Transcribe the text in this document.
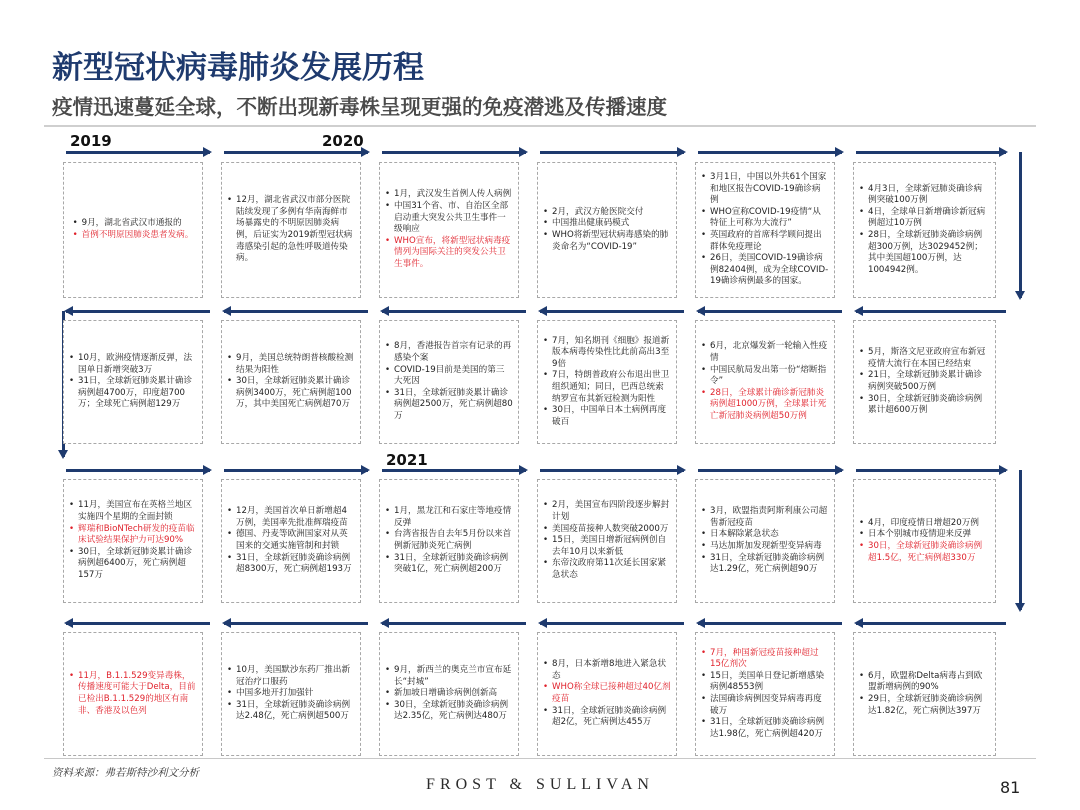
新型冠状病毒肺炎发展历程
疫情迅速蔓延全球，不断出现新毒株呈现更强的免疫潜逃及传播速度
2019	2020
2021
• 9月，湖北省武汉市通报的
• 首例不明原因肺炎患者发病。
• 12月，湖北省武汉市部分医院陆续发现了多例有华南海鲜市场暴露史的不明原因肺炎病例，后证实为2019新型冠状病毒感染引起的急性呼吸道传染病。
• 1月，武汉发生首例人传人病例
• 中国31个省、市、自治区全部启动重大突发公共卫生事件一级响应
• WHO宣布，将新型冠状病毒疫情列为国际关注的突发公共卫生事件。
• 2月，武汉方舱医院交付
• 中国推出健康码模式
• WHO将新型冠状病毒感染的肺炎命名为“COVID-19”
• 3月1日，中国以外共61个国家和地区报告COVID-19确诊病例
• WHO宣称COVID-19疫情“从特征上可称为大流行”
• 英国政府的首席科学顾问提出群体免疫理论
• 26日，美国COVID-19确诊病例82404例，成为全球COVID-19确诊病例最多的国家。
• 4月3日，全球新冠肺炎确诊病例突破100万例
• 4日，全球单日新增确诊新冠病例超过10万例
• 28日，全球新冠肺炎确诊病例超300万例，达3029452例；其中美国超100万例，达1004942例。
• 10月，欧洲疫情逐渐反弹，法国单日新增突破3万
• 31日，全球新冠肺炎累计确诊病例超4700万，印度超700万；全球死亡病例超129万
• 9月，美国总统特朗普核酸检测结果为阳性
• 30日，全球新冠肺炎累计确诊病例3400万，死亡病例超100万，其中美国死亡病例超70万
• 8月，香港报告首宗有记录的再感染个案
• COVID-19目前是美国的第三大死因
• 31日，全球新冠肺炎累计确诊病例超2500万，死亡病例超80万
• 7月，知名期刊《细胞》报道新版本病毒传染性比此前高出3至9倍
• 7日，特朗普政府公布退出世卫组织通知；同日，巴西总统索纳罗宣布其新冠检测为阳性
• 30日，中国单日本土病例再度破百
• 6月，北京爆发新一轮输入性疫情
• 中国民航局发出第一份“熔断指令”
• 28日，全球累计确诊新冠肺炎病例超1000万例，全球累计死亡新冠肺炎病例超50万例
• 5月，斯洛文尼亚政府宣布新冠疫情大流行在本国已经结束
• 21日，全球新冠肺炎累计确诊病例突破500万例
• 30日，全球新冠肺炎确诊病例累计超600万例
• 11月，美国宣布在英格兰地区实施四个星期的全面封锁
• 辉瑞和BioNTech研发的疫苗临床试验结果保护力可达90%
• 30日，全球新冠肺炎累计确诊病例超6400万，死亡病例超157万
• 12月，美国首次单日新增超4万例，美国率先批准辉瑞疫苗
• 德国、丹麦等欧洲国家对从英国来的交通实施管制和封锁
• 31日，全球新冠肺炎确诊病例超8300万，死亡病例超193万
• 1月，黑龙江和石家庄等地疫情反弹
• 台湾省报告自去年5月份以来首例新冠肺炎死亡病例
• 31日，全球新冠肺炎确诊病例突破1亿，死亡病例超200万
• 2月，美国宣布四阶段逐步解封计划
• 美国疫苗接种人数突破2000万
• 15日，美国日增新冠病例创自去年10月以来新低
• 东帝汶政府第11次延长国家紧急状态
• 3月，欧盟指责阿斯利康公司超售新冠疫苗
• 日本解除紧急状态
• 马达加斯加发现新型变异病毒
• 31日，全球新冠肺炎确诊病例达1.29亿，死亡病例超90万
• 4月，印度疫情日增超20万例
• 日本个别城市疫情迎来反弹
• 30日，全球新冠肺炎确诊病例超1.5亿，死亡病例超330万
• 11月，B.1.1.529变异毒株，传播速度可能大于Delta，目前已检出B.1.1.529的地区有南非、香港及以色列
• 10月，美国默沙东药厂推出新冠治疗口服药
• 中国多地开打加强针
• 31日，全球新冠肺炎确诊病例达2.48亿，死亡病例超500万
• 9月，新西兰的奥克兰市宣布延长“封城”
• 新加坡日增确诊病例创新高
• 30日，全球新冠肺炎确诊病例达2.35亿，死亡病例达480万
• 8月，日本新增8地进入紧急状态
• WHO称全球已接种超过40亿剂疫苗
• 31日，全球新冠肺炎确诊病例超2亿，死亡病例达455万
• 7月，种国新冠疫苗接种超过15亿剂次
• 15日，美国单日登记新增感染病例48553例
• 法国确诊病例因变异病毒再度破万
• 31日，全球新冠肺炎确诊病例达1.98亿，死亡病例超420万
• 6月，欧盟称Delta病毒占到欧盟新增病例的90%
• 29日，全球新冠肺炎确诊病例达1.82亿，死亡病例达397万
资料来源：弗若斯特沙利文分析
FROST & SULLIVAN	81
